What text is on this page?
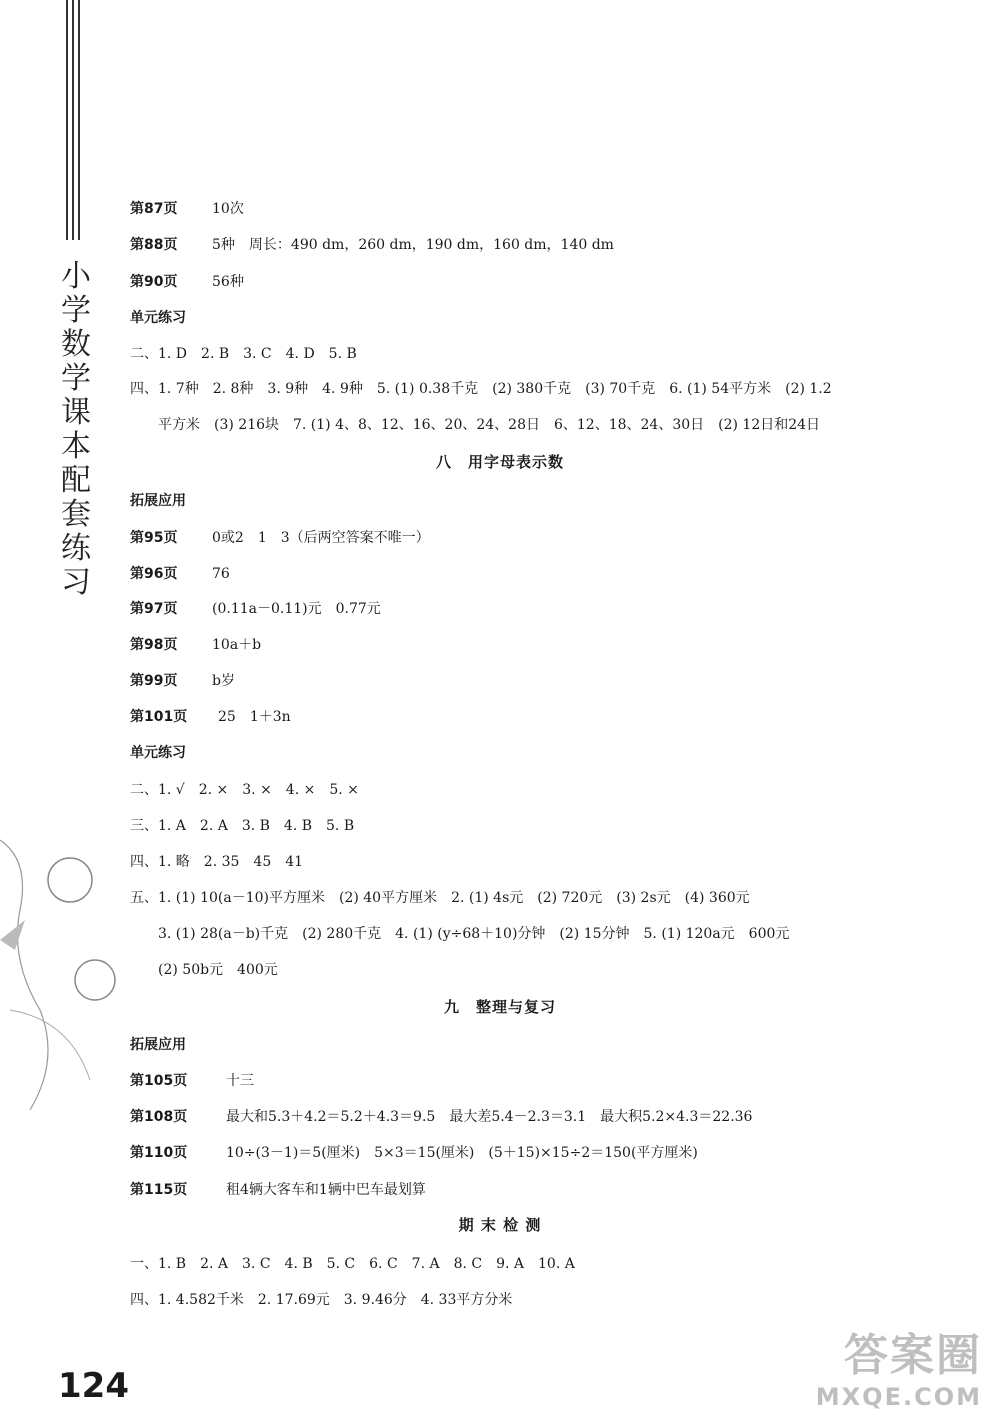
小
学
数
学
课
本
配
套
练
习
第87页 10次
第88页 5种　周长：490 dm，260 dm，190 dm，160 dm，140 dm
第90页 56种
单元练习
二、1. D　2. B　3. C　4. D　5. B
四、1. 7种　2. 8种　3. 9种　4. 9种　5. (1) 0.38千克　(2) 380千克　(3) 70千克　6. (1) 54平方米　(2) 1.2
平方米　(3) 216块　7. (1) 4、8、12、16、20、24、28日　6、12、18、24、30日　(2) 12日和24日
八　用字母表示数
拓展应用
第95页 0或2　1　3（后两空答案不唯一）
第96页 76
第97页 (0.11a－0.11)元　0.77元
第98页 10a＋b
第99页 b岁
第101页 25　1＋3n
单元练习
二、1. √　2. ×　3. ×　4. ×　5. ×
三、1. A　2. A　3. B　4. B　5. B
四、1. 略　2. 35　45　41
五、1. (1) 10(a－10)平方厘米　(2) 40平方厘米　2. (1) 4s元　(2) 720元　(3) 2s元　(4) 360元
3. (1) 28(a－b)千克　(2) 280千克　4. (1) (y÷68＋10)分钟　(2) 15分钟　5. (1) 120a元　600元
(2) 50b元　400元
九　整理与复习
拓展应用
第105页	十三
第108页	最大和5.3＋4.2＝5.2＋4.3＝9.5　最大差5.4－2.3＝3.1　最大积5.2×4.3＝22.36
第110页	10÷(3－1)＝5(厘米)　5×3＝15(厘米)　(5＋15)×15÷2＝150(平方厘米)
第115页	租4辆大客车和1辆中巴车最划算
期 末 检 测
一、1. B　2. A　3. C　4. B　5. C　6. C　7. A　8. C　9. A　10. A
四、1. 4.582千米　2. 17.69元　3. 9.46分　4. 33平方分米
124
答案圈
MXQE.COM
